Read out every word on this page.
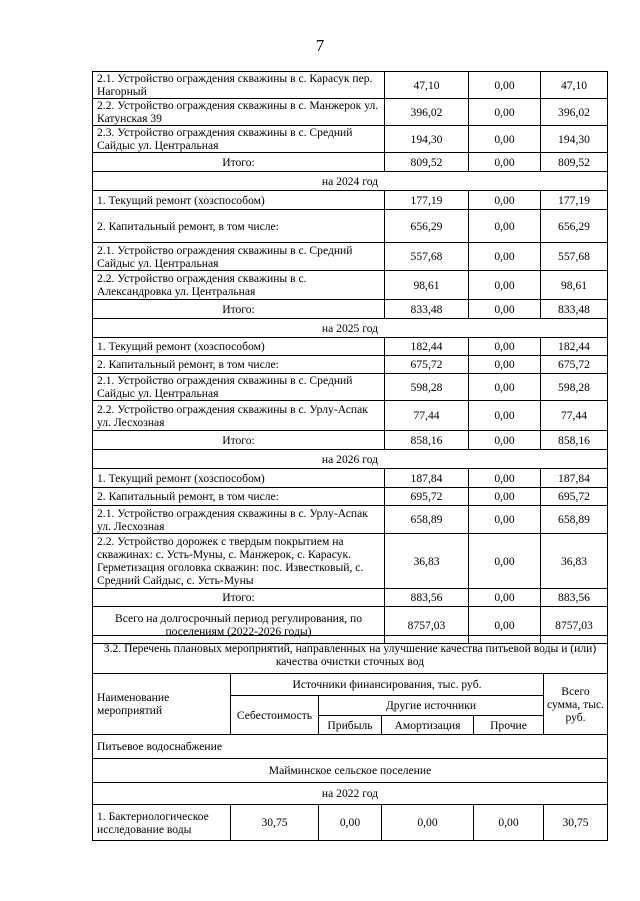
7
2.1. Устройство ограждения скважины в с. Карасук пер. Нагорный	47,10	0,00	47,10
2.2. Устройство ограждения скважины в с. Манжерок ул. Катунская 39	396,02	0,00	396,02
2.3. Устройство ограждения скважины в с. Средний Сайдыс ул. Центральная	194,30	0,00	194,30
Итого:	809,52	0,00	809,52
на 2024 год			
1. Текущий ремонт (хозспособом)	177,19	0,00	177,19
2. Капитальный ремонт, в том числе:	656,29	0,00	656,29
2.1. Устройство ограждения скважины в с. Средний Сайдыс ул. Центральная	557,68	0,00	557,68
2.2. Устройство ограждения скважины в с. Александровка ул. Центральная	98,61	0,00	98,61
Итого:	833,48	0,00	833,48
на 2025 год			
1. Текущий ремонт (хозспособом)	182,44	0,00	182,44
2. Капитальный ремонт, в том числе:	675,72	0,00	675,72
2.1. Устройство ограждения скважины в с. Средний Сайдыс ул. Центральная	598,28	0,00	598,28
2.2. Устройство ограждения скважины в с. Урлу-Аспак ул. Лесхозная	77,44	0,00	77,44
Итого:	858,16	0,00	858,16
на 2026 год			
1. Текущий ремонт (хозспособом)	187,84	0,00	187,84
2. Капитальный ремонт, в том числе:	695,72	0,00	695,72
2.1. Устройство ограждения скважины в с. Урлу-Аспак ул. Лесхозная	658,89	0,00	658,89
2.2. Устройство дорожек с твердым покрытием на скважинах: с. Усть-Муны, с. Манжерок, с. Карасук. Герметизация оголовка скважин: пос. Известковый, с. Средний Сайдыс, с. Усть-Муны	36,83	0,00	36,83
Итого:	883,56	0,00	883,56
Всего на долгосрочный период регулирования, по поселениям (2022-2026 годы)	8757,03	0,00	8757,03
3.2. Перечень плановых мероприятий, направленных на улучшение качества питьевой воды и (или) качества очистки сточных вод					
Наименование мероприятий	Источники финансирования, тыс. руб.				Всего сумма, тыс. руб.
	Себестоимость	Другие источники			
		Прибыль	Амортизация	Прочие	
Питьевое водоснабжение					
Майминское сельское поселение					
на 2022 год					
1. Бактериологическое исследование воды	30,75	0,00	0,00	0,00	30,75
